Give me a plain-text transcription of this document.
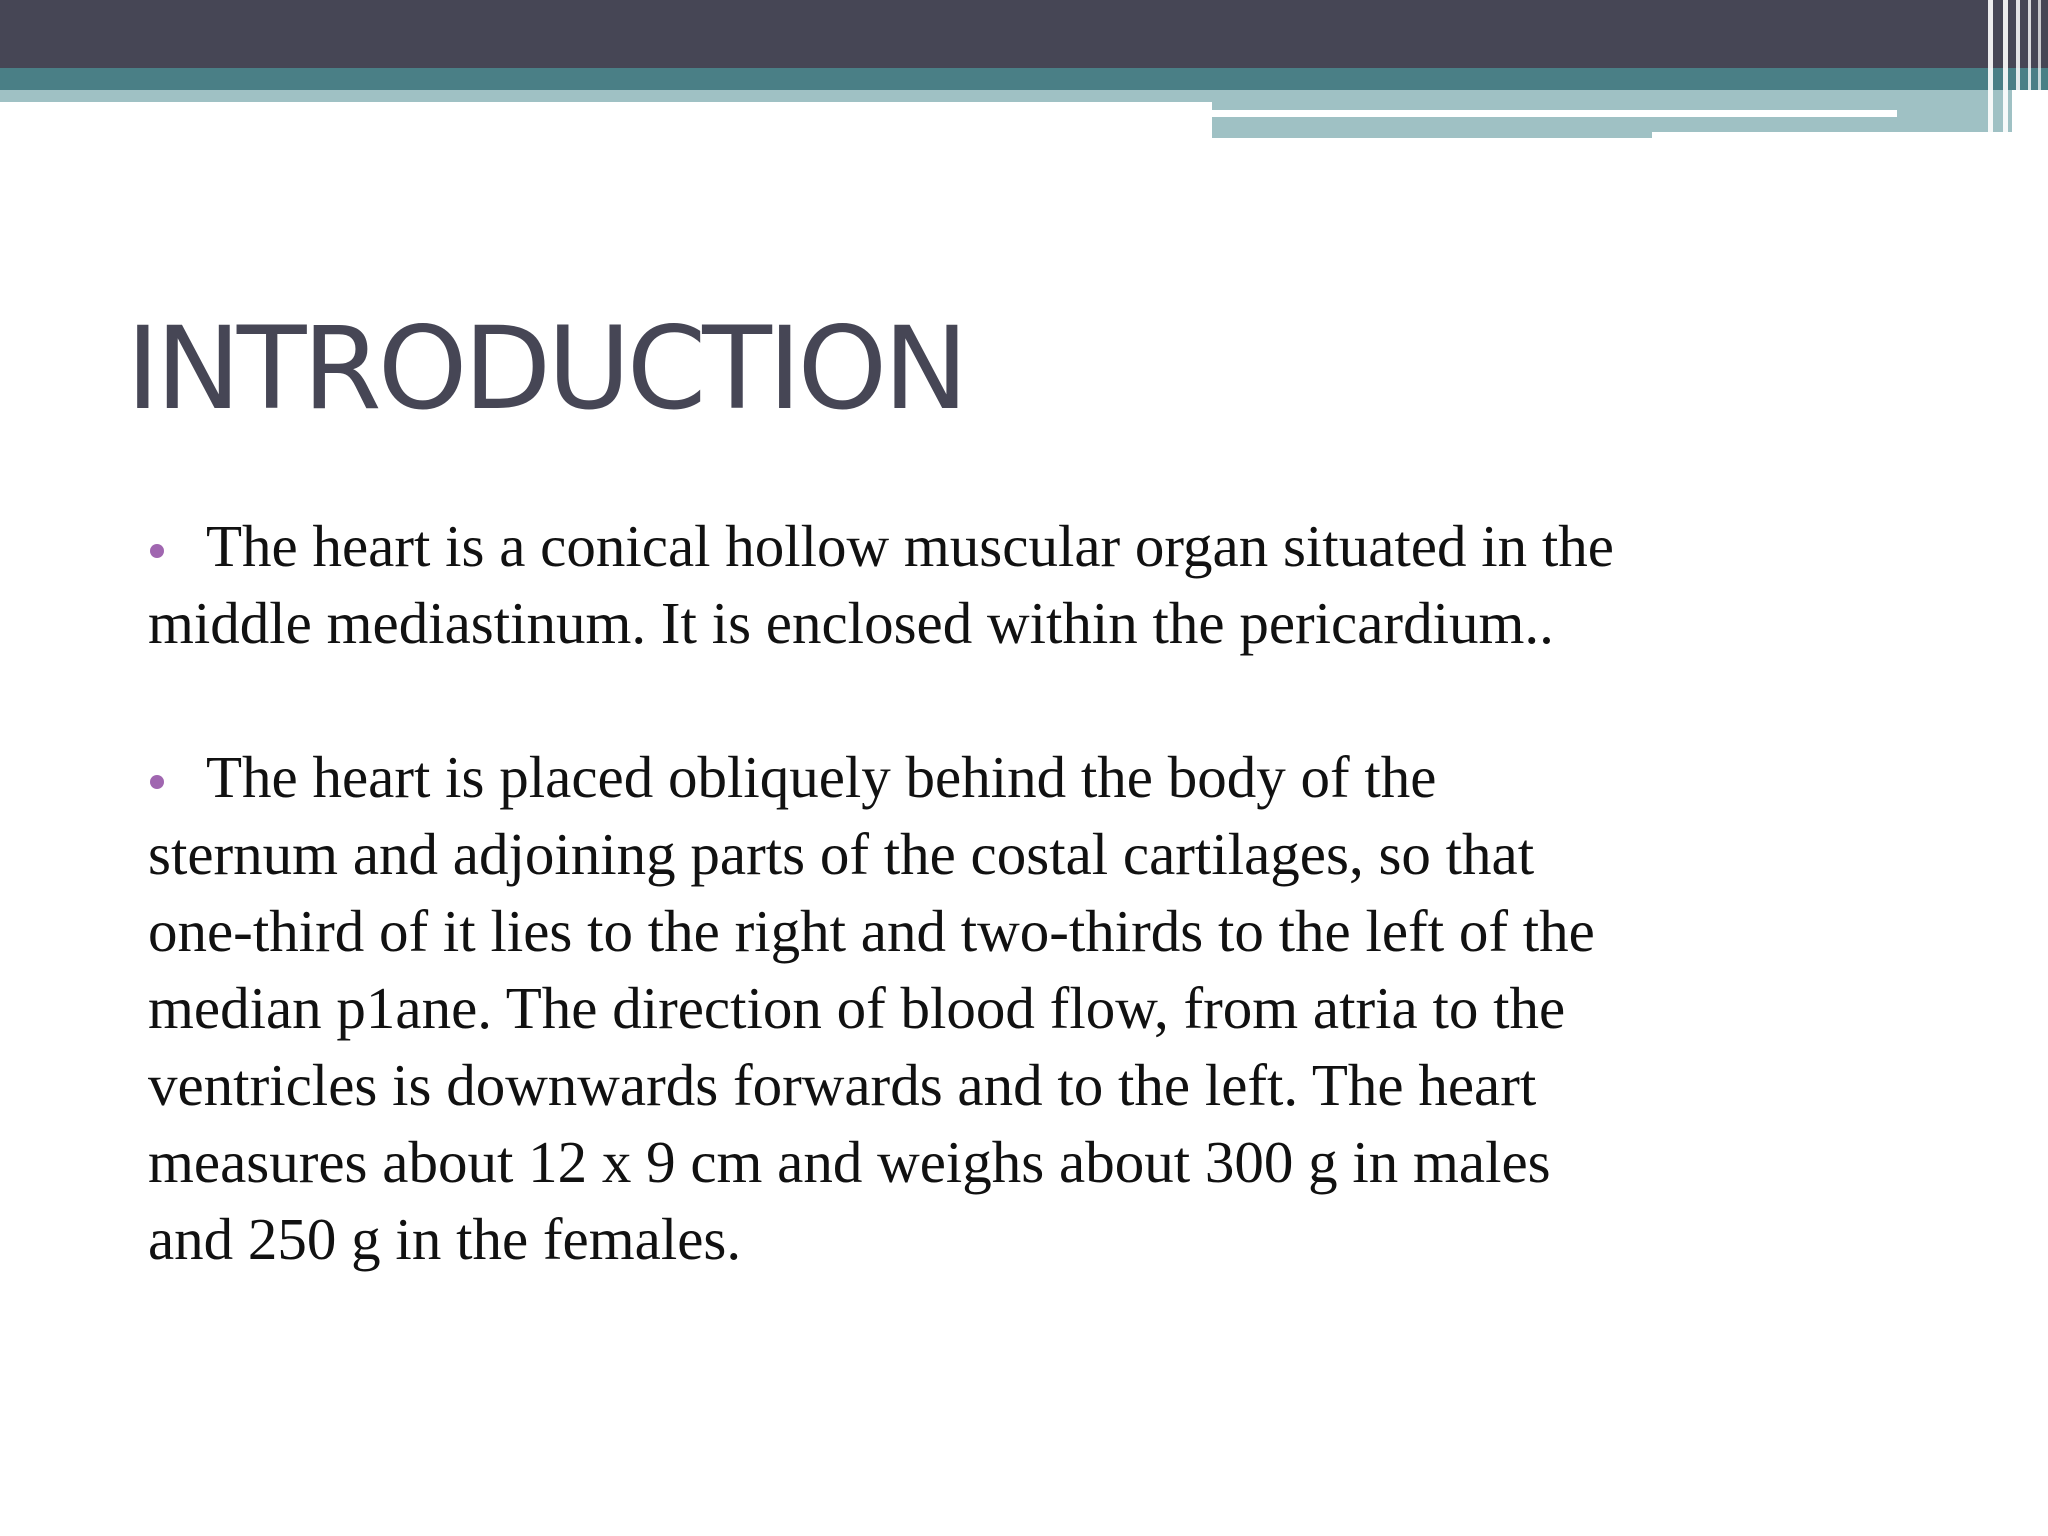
INTRODUCTION
The heart is a conical hollow muscular organ situated in the middle mediastinum. It is enclosed within the pericardium..
The heart is placed obliquely behind the body of the sternum and adjoining parts of the costal cartilages, so that one-third of it lies to the right and two-thirds to the left of the median p1ane. The direction of blood flow, from atria to the ventricles is downwards forwards and to the left. The heart measures about 12 x 9 cm and weighs about 300 g in males and 250 g in the females.
